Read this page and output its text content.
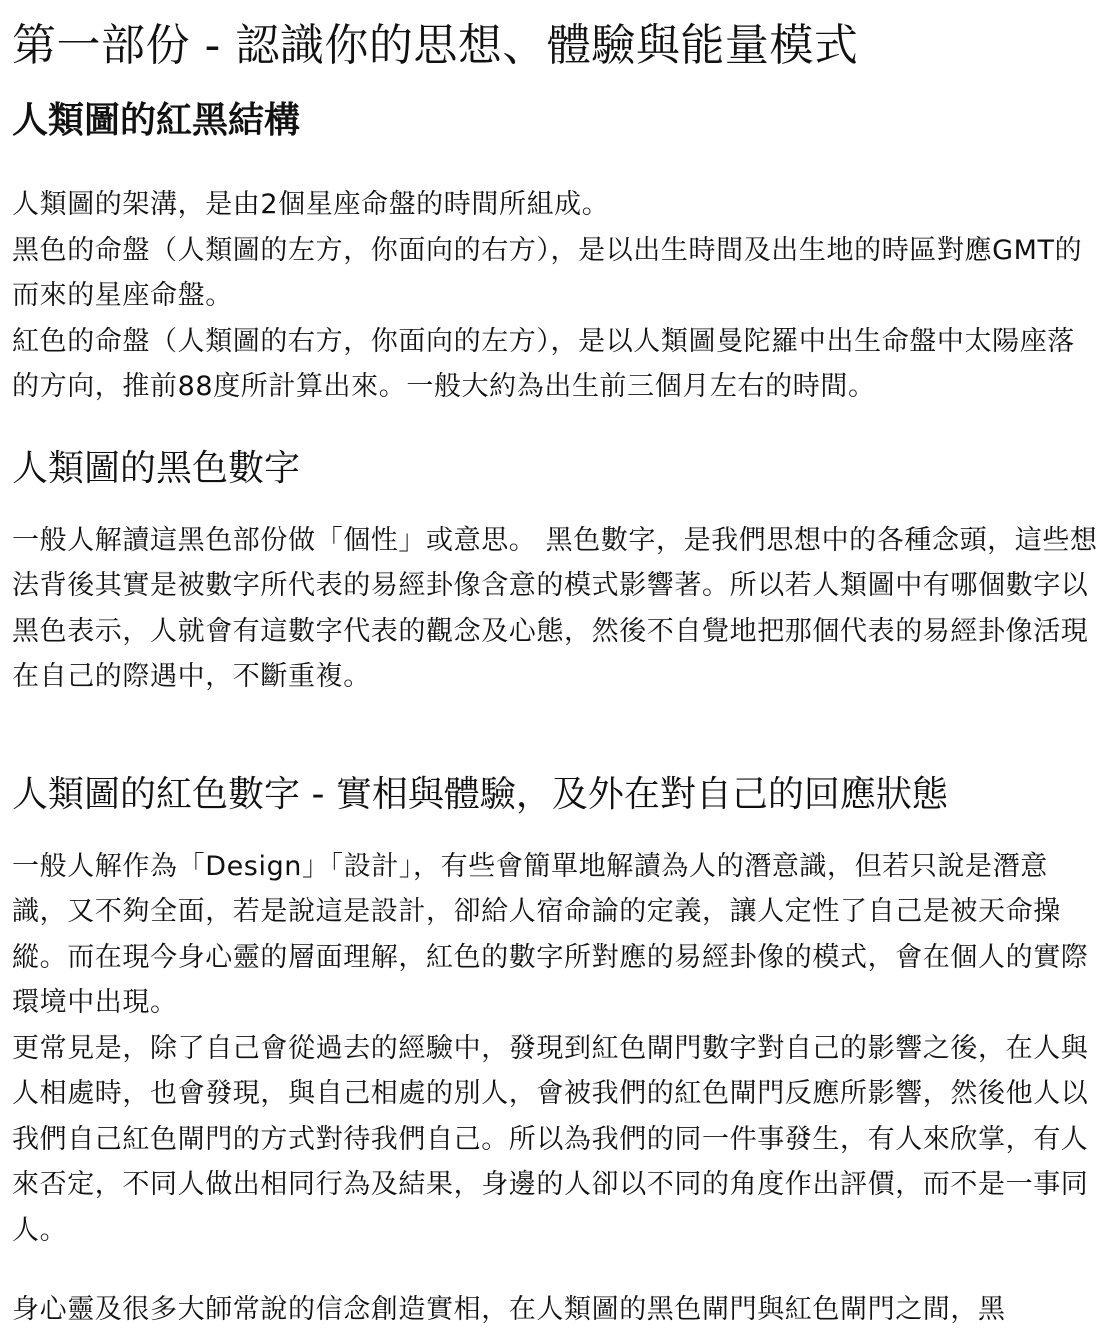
第一部份 - 認識你的思想、體驗與能量模式
人類圖的紅黑結構
人類圖的架溝，是由2個星座命盤的時間所組成。
黑色的命盤（人類圖的左方，你面向的右方），是以出生時間及出生地的時區對應GMT的而來的星座命盤。
紅色的命盤（人類圖的右方，你面向的左方），是以人類圖曼陀羅中出生命盤中太陽座落的方向，推前88度所計算出來。一般大約為出生前三個月左右的時間。
人類圖的黑色數字
一般人解讀這黑色部份做「個性」或意思。 黑色數字，是我們思想中的各種念頭，這些想法背後其實是被數字所代表的易經卦像含意的模式影響著。所以若人類圖中有哪個數字以黑色表示，人就會有這數字代表的觀念及心態，然後不自覺地把那個代表的易經卦像活現在自己的際遇中，不斷重複。
人類圖的紅色數字 - 實相與體驗，及外在對自己的回應狀態
一般人解作為「Design」「設計」，有些會簡單地解讀為人的潛意識，但若只說是潛意識，又不夠全面，若是說這是設計，卻給人宿命論的定義，讓人定性了自己是被天命操縱。而在現今身心靈的層面理解，紅色的數字所對應的易經卦像的模式，會在個人的實際環境中出現。
更常見是，除了自己會從過去的經驗中，發現到紅色閘門數字對自己的影響之後，在人與人相處時，也會發現，與自己相處的別人，會被我們的紅色閘門反應所影響，然後他人以我們自己紅色閘門的方式對待我們自己。所以為我們的同一件事發生，有人來欣掌，有人來否定，不同人做出相同行為及結果，身邊的人卻以不同的角度作出評價，而不是一事同人。
身心靈及很多大師常說的信念創造實相，在人類圖的黑色閘門與紅色閘門之間，黑
